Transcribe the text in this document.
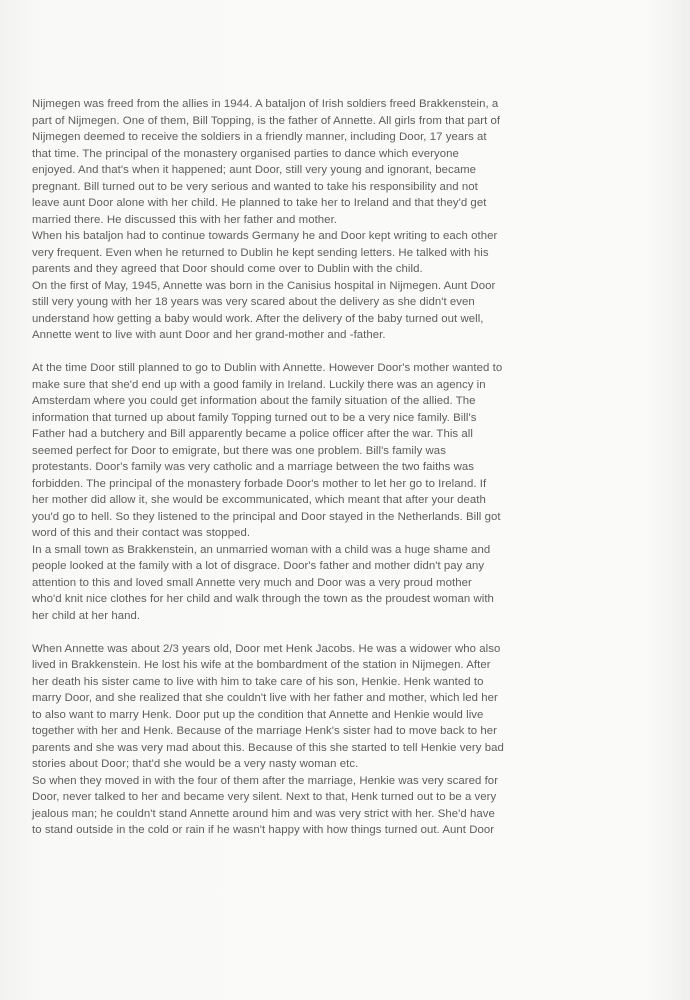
Nijmegen was freed from the allies in 1944. A bataljon of Irish soldiers freed Brakkenstein, a
part of Nijmegen. One of them, Bill Topping, is the father of Annette. All girls from that part of
Nijmegen deemed to receive the soldiers in a friendly manner, including Door, 17 years at
that time. The principal of the monastery organised parties to dance which everyone
enjoyed. And that's when it happened; aunt Door, still very young and ignorant, became
pregnant. Bill turned out to be very serious and wanted to take his responsibility and not
leave aunt Door alone with her child. He planned to take her to Ireland and that they'd get
married there. He discussed this with her father and mother.

When his bataljon had to continue towards Germany he and Door kept writing to each other
very frequent. Even when he returned to Dublin he kept sending letters. He talked with his
parents and they agreed that Door should come over to Dublin with the child.

On the first of May, 1945, Annette was born in the Canisius hospital in Nijmegen. Aunt Door
still very young with her 18 years was very scared about the delivery as she didn't even
understand how getting a baby would work. After the delivery of the baby turned out well,
Annette went to live with aunt Door and her grand-mother and -father.

At the time Door still planned to go to Dublin with Annette. However Door's mother wanted to
make sure that she'd end up with a good family in Ireland. Luckily there was an agency in
Amsterdam where you could get information about the family situation of the allied. The
information that turned up about family Topping turned out to be a very nice family. Bill's
Father had a butchery and Bill apparently became a police officer after the war. This all
seemed perfect for Door to emigrate, but there was one problem. Bill's family was
protestants. Door's family was very catholic and a marriage between the two faiths was
forbidden. The principal of the monastery forbade Door's mother to let her go to Ireland. If
her mother did allow it, she would be excommunicated, which meant that after your death
you'd go to hell. So they listened to the principal and Door stayed in the Netherlands. Bill got
word of this and their contact was stopped.

In a small town as Brakkenstein, an unmarried woman with a child was a huge shame and
people looked at the family with a lot of disgrace. Door's father and mother didn't pay any
attention to this and loved small Annette very much and Door was a very proud mother
who'd knit nice clothes for her child and walk through the town as the proudest woman with
her child at her hand.

When Annette was about 2/3 years old, Door met Henk Jacobs. He was a widower who also
lived in Brakkenstein. He lost his wife at the bombardment of the station in Nijmegen. After
her death his sister came to live with him to take care of his son, Henkie. Henk wanted to
marry Door, and she realized that she couldn't live with her father and mother, which led her
to also want to marry Henk. Door put up the condition that Annette and Henkie would live
together with her and Henk. Because of the marriage Henk's sister had to move back to her
parents and she was very mad about this. Because of this she started to tell Henkie very bad
stories about Door; that'd she would be a very nasty woman etc.

So when they moved in with the four of them after the marriage, Henkie was very scared for
Door, never talked to her and became very silent. Next to that, Henk turned out to be a very
jealous man; he couldn't stand Annette around him and was very strict with her. She'd have
to stand outside in the cold or rain if he wasn't happy with how things turned out. Aunt Door
